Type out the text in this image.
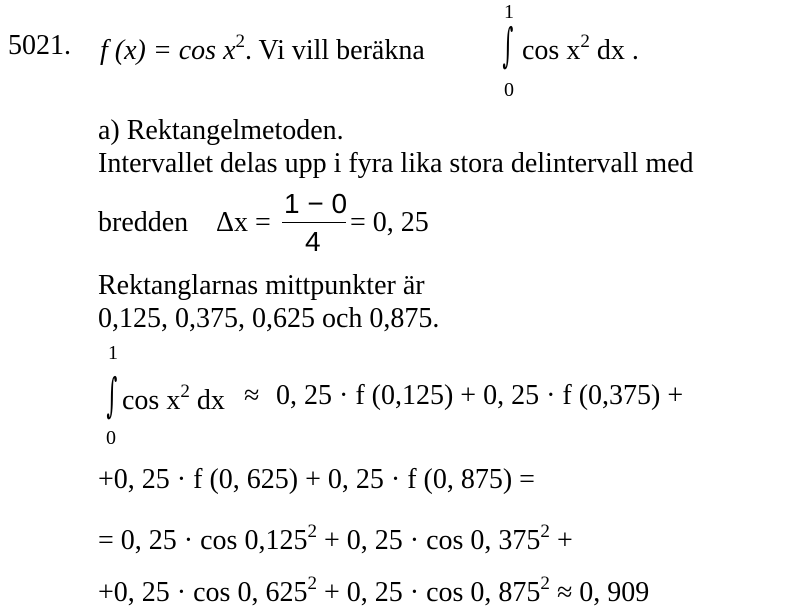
5021. f $(x) = \cos x^2$. Vi vill beräkna
1
∫
0
$\cos x^2$ dx .
a) Rektangelmetoden.
Intervallet delas upp i fyra lika stora delintervall med
bredden Δx =
1 − 0
4
= 0, 25
Rektanglarnas mittpunkter är
0,125, 0,375, 0,625 och 0,875.
1
∫
0
$\cos x^2$ dx ≈ 0, 25 · f (0,125) + 0, 25 · f (0,375) +
+0, 25 · f (0, 625) + 0, 25 · f (0, 875) =
= 0, $25 \cdot \cos 0,125^2 + 0$, 25 · cos 0, $375^2$ +
+0, 25 · cos 0, $625^2 + 0$, 25 · cos 0, $875^2 \approx 0$, 909
